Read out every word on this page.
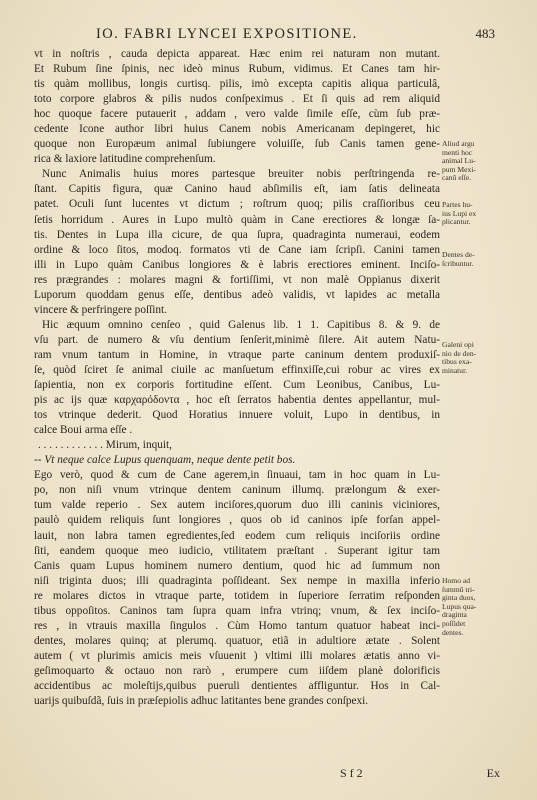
IO. FABRI LYNCEI EXPOSITIONE.	483
vt in noſtris , cauda depicta appareat. Hæc enim rei naturam non mutant.
Et Rubum ſine ſpinis, nec ideò minus Rubum, vidimus. Et Canes tam hir-
tis quàm mollibus, longis curtisq. pilis, imò excepta capitis aliqua particulâ,
toto corpore glabros & pilis nudos conſpeximus . Et ſi quis ad rem aliquid
hoc quoque facere putauerit , addam , vero valde ſimile eſſe, cùm ſub præ-
cedente Icone author libri huius Canem nobis Americanam depingeret, hic
quoque non Europæum animal ſubiungere voluiſſe, ſub Canis tamen gene-
rica & laxiore latitudine comprehenſum.
Nunc Animalis huius mores partesque breuiter nobis perſtringenda re-
ſtant. Capitis figura, quæ Canino haud abſimilis eſt, iam ſatis delineata
patet. Oculi ſunt lucentes vt dictum ; roſtrum quoq; pilis craſſioribus ceu
ſetis horridum . Aures in Lupo multò quàm in Cane erectiores & longæ ſa-
tis. Dentes in Lupa illa cicure, de qua ſupra, quadraginta numeraui, eodem
ordine & loco ſitos, modoq. formatos vti de Cane iam ſcripſi. Canini tamen
illi in Lupo quàm Canibus longiores & è labris erectiores eminent. Inciſo-
res prægrandes : molares magni & fortiſſimi, vt non malè Oppianus dixerit
Luporum quoddam genus eſſe, dentibus adeò validis, vt lapides ac metalla
vincere & perfringere poſſint.
Hic æquum omnino cenſeo , quid Galenus lib. 1 1. Capitibus 8. & 9. de
vſu part. de numero & vſu dentium ſenſerit,minimè ſilere. Ait autem Natu-
ram vnum tantum in Homine, in vtraque parte caninum dentem produxiſ-
ſe, quòd ſciret ſe animal ciuile ac manſuetum effinxiſſe,cui robur ac vires ex
ſapientia, non ex corporis fortitudine eſſent. Cum Leonibus, Canibus, Lu-
pis ac ijs quæ καρχαρόδοντα , hoc eſt ſerratos habentia dentes appellantur, mul-
tos vtrinque dederit. Quod Horatius innuere voluit, Lupo in dentibus, in
calce Boui arma eſſe .
. . . . . . . . . . . . Mirum, inquit,
-- Vt neque calce Lupus quenquam, neque dente petit bos.
Ego verò, quod & cum de Cane agerem,in ſinuaui, tam in hoc quam in Lu-
po, non niſi vnum vtrinque dentem caninum illumq. prælongum & exer-
tum valde reperio . Sex autem inciſores,quorum duo illi caninis viciniores,
paulò quidem reliquis ſunt longiores , quos ob id caninos ipſe forſan appel-
lauit, non labra tamen egredientes,ſed eodem cum reliquis inciſoriis ordine
ſiti, eandem quoque meo iudicio, vtilitatem præſtant . Superant igitur tam
Canis quam Lupus hominem numero dentium, quod hic ad ſummum non
niſi triginta duos; illi quadraginta poſſideant. Sex nempe in maxilla inferio
re molares dictos in vtraque parte, totidem in ſuperiore ſerratim reſponden
tibus oppoſitos. Caninos tam ſupra quam infra vtrinq; vnum, & ſex inciſo-
res , in vtrauis maxilla ſingulos . Cùm Homo tantum quatuor habeat inci-
dentes, molares quinq; at plerumq. quatuor, etiã in adultiore ætate . Solent
autem ( vt plurimis amicis meis vſuuenit ) vltimi illi molares ætatis anno vi-
geſimoquarto & octauo non rarò , erumpere cum iiſdem planè dolorificis
accidentibus ac moleſtijs,quibus pueruli dentientes affliguntur. Hos in Cal-
uarijs quibuſdã, ſuis in præſepiolis adhuc latitantes bene grandes conſpexi.
Aliud argu
menti hoc
animal Lu-
pum Mexi-
canũ eſſe.
Partes hu-
ius Lupi ex
plicantur.
Dentes de-
ſcribuntur.
Galeni opi
nio de den-
tibus exa-
minatur.
Homo ad
ſummũ tri-
ginta duos,
Lupus qua-
draginta
poſſidet
dentes.
S f 2	Ex
